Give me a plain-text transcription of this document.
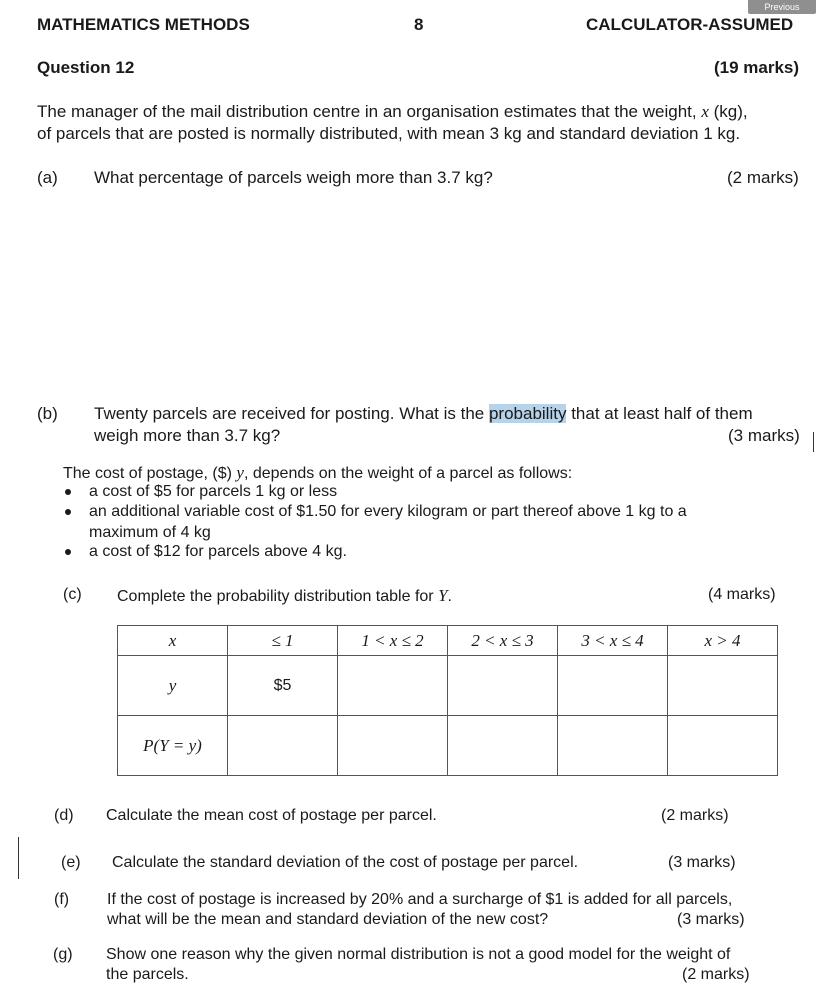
Previous
MATHEMATICS METHODS	8	CALCULATOR-ASSUMED
Question 12	(19 marks)
The manager of the mail distribution centre in an organisation estimates that the weight, x (kg),
of parcels that are posted is normally distributed, with mean 3 kg and standard deviation 1 kg.
(a) What percentage of parcels weigh more than 3.7 kg?	(2 marks)
(b) Twenty parcels are received for posting. What is the probability that at least half of them
weigh more than 3.7 kg?	(3 marks)
The cost of postage, ($) y, depends on the weight of a parcel as follows:
a cost of $5 for parcels 1 kg or less
an additional variable cost of $1.50 for every kilogram or part thereof above 1 kg to a
maximum of 4 kg
a cost of $12 for parcels above 4 kg.
(c) Complete the probability distribution table for Y.	(4 marks)
x	≤ 1	1 < x ≤ 2	2 < x ≤ 3	3 < x ≤ 4	x > 4
y	$5				
P(Y = y)					
(d) Calculate the mean cost of postage per parcel.	(2 marks)
(e) Calculate the standard deviation of the cost of postage per parcel.	(3 marks)
(f) If the cost of postage is increased by 20% and a surcharge of $1 is added for all parcels,
what will be the mean and standard deviation of the new cost?	(3 marks)
(g) Show one reason why the given normal distribution is not a good model for the weight of
the parcels.	(2 marks)
